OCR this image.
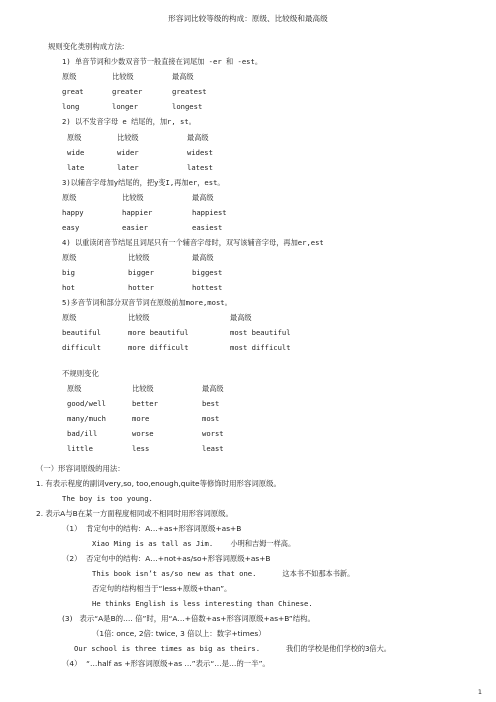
形容词比较等级的构成：原级、比较级和最高级
规则变化类别构成方法:
1) 单音节词和少数双音节一般直接在词尾加 -er 和 -est。
原级	比较级	最高级
great	greater	greatest
long	longer	longest
2) 以不发音字母 e 结尾的，加r, st。
原级	比较级	最高级
wide	wider	widest
late	later	latest
3)以辅音字母加y结尾的，把y变I,再加er，est。
原级	比较级	最高级
happy	happier	happiest
easy	easier	easiest
4) 以重读闭音节结尾且词尾只有一个辅音字母时，双写该辅音字母，再加er,est
原级	比较级	最高级
big	bigger	biggest
hot	hotter	hottest
5)多音节词和部分双音节词在原级前加more,most。
原级	比较级	最高级
beautiful	more beautiful	most beautiful
difficult	more difficult	most difficult
不规则变化
原级	比较级	最高级
good/well	better	best
many/much	more	most
bad/ill	worse	worst
little	less	least
（一）形容词原级的用法：
1. 有表示程度的副词very,so, too,enough,quite等修饰时用形容词原级。
The boy is too young.
2. 表示A与B在某一方面程度相同或不相同时用形容词原级。
（1）  肯定句中的结构：A…+as+形容词原级+as+B
Xiao Ming is as tall as Jim.    小明和吉姆一样高。
（2）  否定句中的结构：A…+not+as/so+形容词原级+as+B
This book isn’t as/so new as that one.      这本书不如那本书新。
否定句的结构相当于“less+原级+than”。
He thinks English is less interesting than Chinese.
(3)   表示“A是B的…. 倍”时，用“A…+倍数+as+形容词原级+as+B”结构。
（1倍: once, 2倍: twice, 3 倍以上：数字+times）
Our school is three times as big as theirs.      我们的学校是他们学校的3倍大。
（4）  “…half as +形容词原级+as …”表示“…是…的一半”。
1
